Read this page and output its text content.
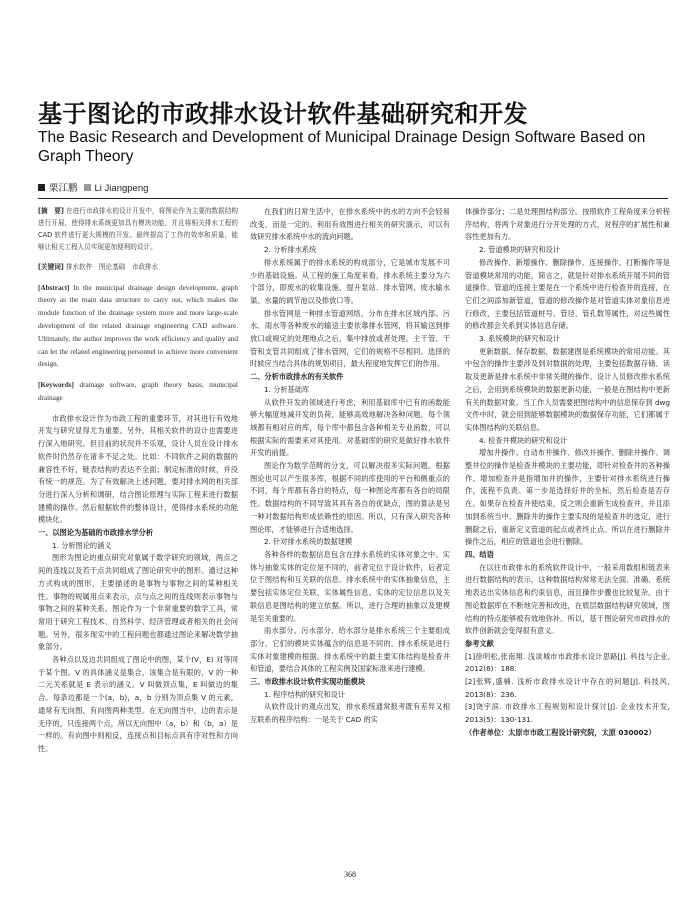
基于图论的市政排水设计软件基础研究和开发
The Basic Research and Development of Municipal Drainage Design Software Based on Graph Theory
栗江鹏 Li Jiangpeng

[摘　要] 在进行市政排水的设计开发中，将图论作为主要的数据结构进行开展，使得排水系统更加具有模块功能，并且将相关排水工程的 CAD 软件进行更大规模的开发。最终提高了工作的效率和质量，能够让相关工程人员实现更加便利的设计。

[关键词] 排水软件　图论基础　市政排水

[Abstract] In the municipal drainage design development, graph theory as the main data structure to carry out, which makes the module function of the drainage system more and more large-scale development of the related drainage engineering CAD software. Ultimately, the author improves the work efficiency and quality and can let the related engineering personnel to achieve more convenient design.

[Keywords] drainage software, graph theory basis, municipal drainage

市政排水设计作为市政工程的重要环节，对其进行有效地开发与研究显得尤为重要。另外，其相关软件的设计也需要进行深入地研究。但目前的状况并不乐观，设计人员在设计排水软件时仍然存在诸多不足之处。比如：不同软件之间的数据的兼容性不好，链表结构的表达不全面；制定标准的时候，并没有统一的规范。为了有效解决上述问题，要对排水网的相关部分进行深入分析和调研，结合图论原理与实际工程来进行数据建模的操作。然后根据软件的整体设计，使得排水系统的功能模块化。

一、以图论为基础的市政排水学分析

1. 分析图论的涵义

图形为图论的重点研究对象属于数学研究的领域，两点之间的连线以及若干点共同组成了图论研究中的图形。通过这种方式构成的图形，主要描述的是事物与事物之间的某种相关性。事物的规属用点来表示，点与点之间的连线则表示事物与事物之间的某种关系。图论作为一个非常重要的数学工具，常常用于研究工程技术、自然科学、经济管理或者相关的社会问题。另外，很多现实中的工程问题也都通过图论来解决数学抽象部分。

各种点以及边共同组成了图论中的图，某个(V，E) 对等同于某个图。V 的具体涵义是集合，该集合是有限的，V 的一种二元关系就是 E 表示的涵义。V 叫做顶点集，E 叫做边的集合。每条边都是一个(a，b)，a，b 分别为顶点集 V 的元素，通常有无向图、有向图两种类型。在无向图当中，边的表示是无序的，只连接两个点，所以无向图中（a，b）和（b，a）是一样的。有向图中则相反，连接点和目标点具有序对性和方向性。

在我们的日常生活中，在排水系统中的水的方向不会轻易改变，而是一定的。利用有效图进行相关的研究演示，可以有效研究排水系统中水的流向问题。

2. 分析排水系统

排水系统属于的排水系统的构成部分，它是城市发展不可少的基础设施。从工程的施工角度来看，排水系统主要分为六个部分，即废水的收集设施、提升泵站、排水管网、废水输水渠、水量的调节池以及排放口等。

排水管网是一种排水管道网络，分布在排水区域内部。污水、雨水等各种废水的输送主要依靠排水管网，将其输送到排放口或规定的处理地点之后，集中排放或者处理。主干管、干管和支管共同组成了排水管网，它们的规格不尽相同。选择的时候应当结合具体的规划项目，最大程度地发挥它们的作用。

二、分析市政排水的有关软件

1. 分析基础库

从软件开发的领域进行考虑，利用基础库中已有的函数能够大幅度地减开发的负荷，能够高效地解决各种问题。每个领域都有相对应的库，每个库中都包含各种相关专业函数，可以根据实际的需要来对其使用。对基础库的研究是做好排水软件开发的前提。

图论作为数学范畴的分支，可以解决很多实际问题。根据图论也可以产生很多库，根据不同的库使用的平台和侧重点的不同，每个库都有各自的特点，每一种图论库都有各自的局限性。数据结构的不同导致其具有各自的优缺点，图的算法是另一种对数据结构形成依赖性的原因。所以，只有深入研究各种图论库，才能够进行合适地选择。

2. 针对排水系统的数据建模

各种各样的数据信息包含在排水系统的实体对象之中。实体与抽象实体的定位是不同的，前者定位于设计软件，后者定位于图结构和互关联的信息。排水系统中的实体抽象信息，主要包括实体定位关联、实体属性信息。实体的定位信息以及关联信息是图结构的建立依据。所以，进行合理的抽象以及建模是至关重要的。

雨水部分、污水部分、给水部分是排水系统三个主要组成部分，它们的模块实体蕴含的信息是不同的。排水系统是进行实体对象建模的根据。排水系统中的最主要实体结构是检查井和管道，要结合具体的工程实例及国家标准来进行建模。

三、市政排水设计软件实现功能模块

1. 程序结构的研究和设计

从软件设计的观点出发，排水系统通常报考既有差异又相互联系的程序结构：一是关于 CAD 的实

体操作部分；二是处理图结构部分。按照软件工程角度来分析程序结构，将两个对象进行分开处理的方式，对程序的扩展性和兼容性更加有力。

2. 管道模块的研究和设计

修改操作、新增操作、删除操作、连接操作、打断操作等是管道模块常用的功能，简言之，就是针对排水系统开展不同的管道操作。管道的连接主要是在一个系统中进行检查井的连接，在它们之间添加新管道，管道的修改操作是对管道实体对象信息进行修改，主要包括管道桩号、管径、管孔数等属性，对这些属性的修改都会关系到实体信息存储。

3. 系统模块的研究和设计

更新数据、保存数据、数据建图是系统模块的常用功能。其中包含的操作主要涉及到对数据的处理，主要包括数据存储、读取及更新是排水系统中非常关键的操作。设计人员修改排水系统之后，会用到系统模块的数据更新功能，一般是在图结构中更新有关的数据对象。当工作人员需要把图结构中的信息保存到 dwg 文件中时，就会用到能够数据模块的数据保存功能，它们都属于实体图结构的关联信息。

4. 检查井模块的研究和设计

增加井操作、自动布井操作、修改井操作、删除井操作、调整井位的操作是检查井模块的主要功能，即针对检查井的各种操作。增加检查井是指增加井的操作，主要针对排水系统进行操作，流程不负责。第一步是选择好井的坐标，然后检查是否存在。如果存在检查井使结束，反之则会重新生成检查井，并且添加到系统当中。删除井的操作主要实现的是检查井的选定，进行删除之后，重新定义管道的起点或者终止点。所以在进行删除井操作之后，相应的管道也会进行删除。

四、结语

在以往市政排水的系统软件设计中，一般采用数组和链表来进行数据结构的表示，这种数据结构常常无法全面、准确、系统地表达出实体信息和约束信息，而且操作步骤也比较复杂。由于图论数据库在不断地完善和改进，在底层数据结构研究领域，图结构的特点能够被有效地弥补。所以，基于图论研究市政排水的软件创新就会变得很有意义。

参考文献

[1]徐明松,张南翔. 浅谈城市市政排水设计思路[J]. 科技与企业, 2012(6)：188.

[2]张辉,盛楠. 浅析市政排水设计中存在的问题[J]. 科技风, 2013(8)：236.

[3]饶宇滨. 市政排水工程规划和设计探讨[J]. 企业技术开发, 2013(5)：130-131.

（作者单位：太原市市政工程设计研究院，太原 030002）

368
